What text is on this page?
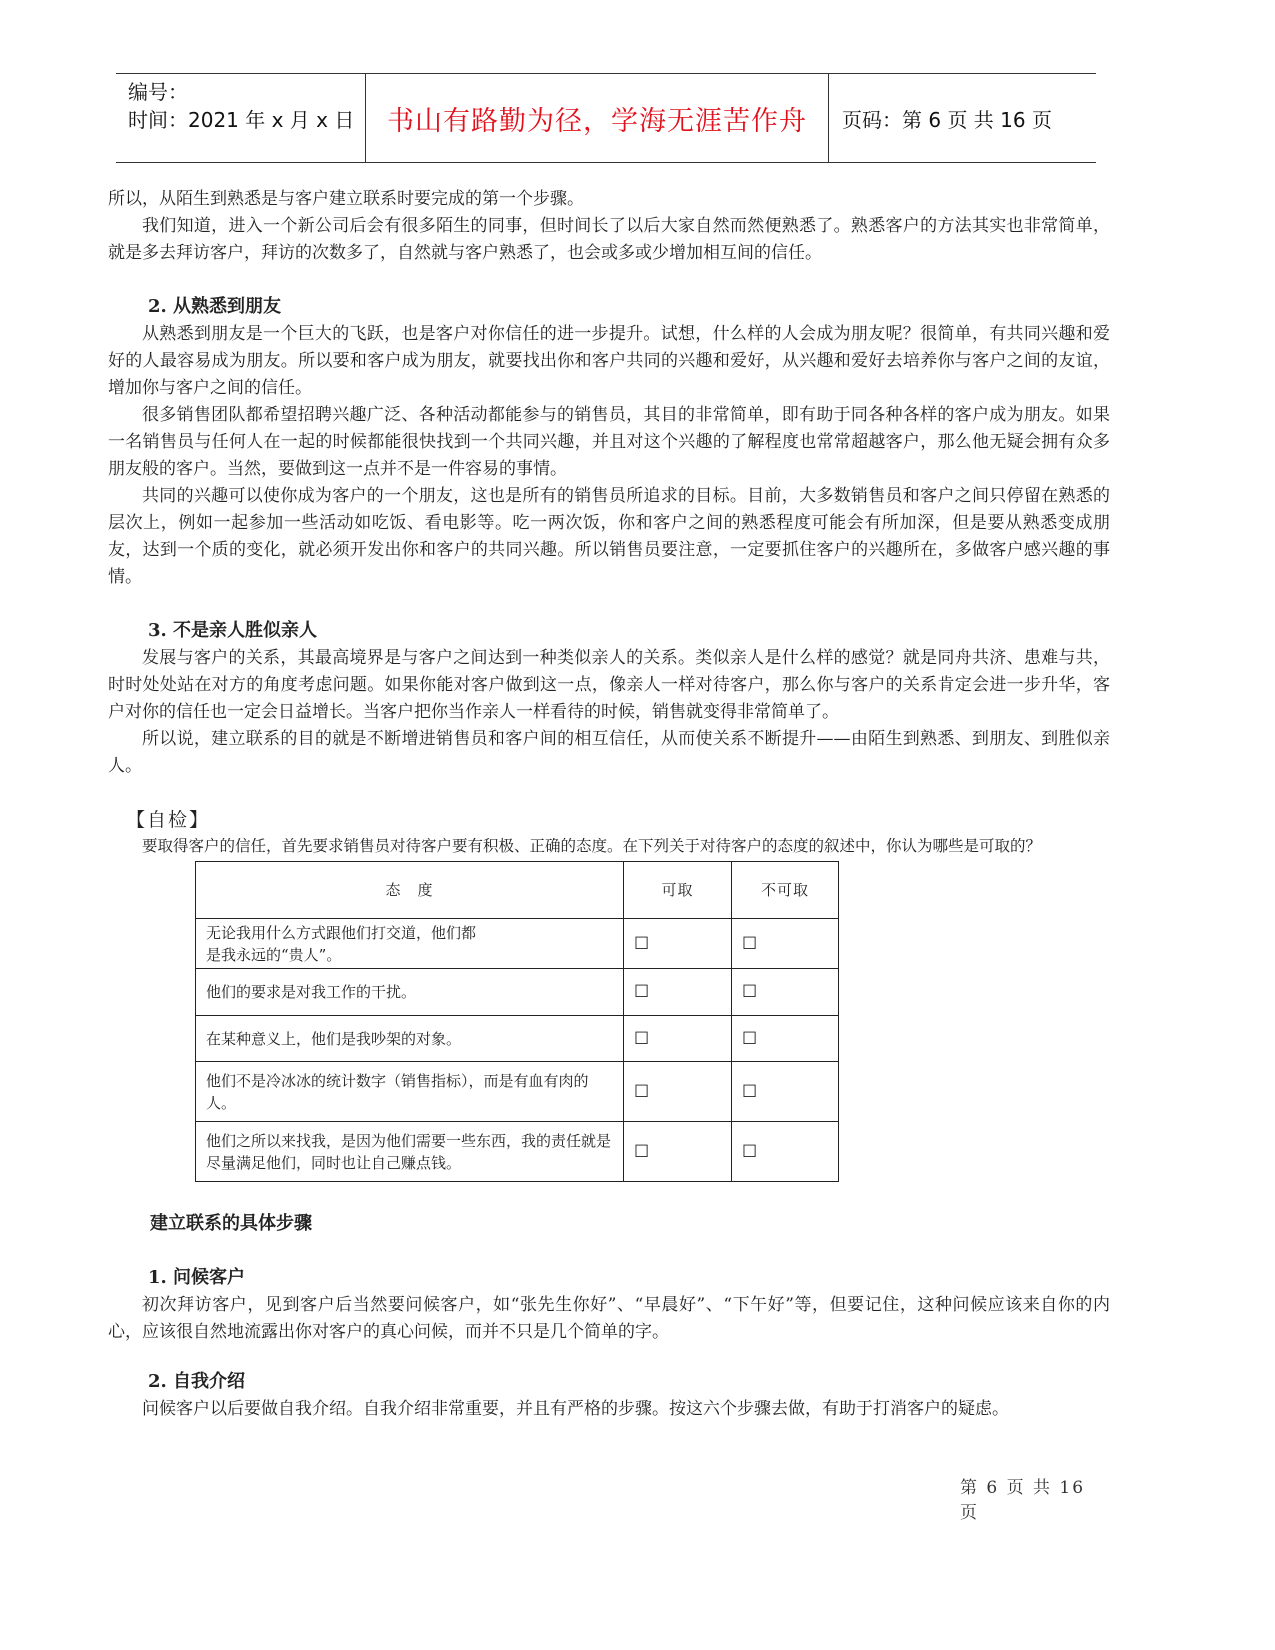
编号：
时间：2021 年 x 月 x 日	书山有路勤为径，学海无涯苦作舟	页码：第 6 页 共 16 页

所以，从陌生到熟悉是与客户建立联系时要完成的第一个步骤。

我们知道，进入一个新公司后会有很多陌生的同事，但时间长了以后大家自然而然便熟悉了。熟悉客户的方法其实也非常简单，就是多去拜访客户，拜访的次数多了，自然就与客户熟悉了，也会或多或少增加相互间的信任。

2. 从熟悉到朋友

从熟悉到朋友是一个巨大的飞跃，也是客户对你信任的进一步提升。试想，什么样的人会成为朋友呢？很简单，有共同兴趣和爱好的人最容易成为朋友。所以要和客户成为朋友，就要找出你和客户共同的兴趣和爱好，从兴趣和爱好去培养你与客户之间的友谊，增加你与客户之间的信任。

很多销售团队都希望招聘兴趣广泛、各种活动都能参与的销售员，其目的非常简单，即有助于同各种各样的客户成为朋友。如果一名销售员与任何人在一起的时候都能很快找到一个共同兴趣，并且对这个兴趣的了解程度也常常超越客户，那么他无疑会拥有众多朋友般的客户。当然，要做到这一点并不是一件容易的事情。

共同的兴趣可以使你成为客户的一个朋友，这也是所有的销售员所追求的目标。目前，大多数销售员和客户之间只停留在熟悉的层次上，例如一起参加一些活动如吃饭、看电影等。吃一两次饭，你和客户之间的熟悉程度可能会有所加深，但是要从熟悉变成朋友，达到一个质的变化，就必须开发出你和客户的共同兴趣。所以销售员要注意，一定要抓住客户的兴趣所在，多做客户感兴趣的事情。

3. 不是亲人胜似亲人

发展与客户的关系，其最高境界是与客户之间达到一种类似亲人的关系。类似亲人是什么样的感觉？就是同舟共济、患难与共，时时处处站在对方的角度考虑问题。如果你能对客户做到这一点，像亲人一样对待客户，那么你与客户的关系肯定会进一步升华，客户对你的信任也一定会日益增长。当客户把你当作亲人一样看待的时候，销售就变得非常简单了。

所以说，建立联系的目的就是不断增进销售员和客户间的相互信任，从而使关系不断提升——由陌生到熟悉、到朋友、到胜似亲人。

【自检】

要取得客户的信任，首先要求销售员对待客户要有积极、正确的态度。在下列关于对待客户的态度的叙述中，你认为哪些是可取的？

态　度	可取	不可取
无论我用什么方式跟他们打交道，他们都
是我永远的“贵人”。	☐	☐
他们的要求是对我工作的干扰。	☐	☐
在某种意义上，他们是我吵架的对象。	☐	☐
他们不是冷冰冰的统计数字（销售指标），而是有血有肉的人。	☐	☐
他们之所以来找我，是因为他们需要一些东西，我的责任就是尽量满足他们，同时也让自己赚点钱。	☐	☐

建立联系的具体步骤

1. 问候客户

初次拜访客户，见到客户后当然要问候客户，如“张先生你好”、“早晨好”、“下午好”等，但要记住，这种问候应该来自你的内心，应该很自然地流露出你对客户的真心问候，而并不只是几个简单的字。

2. 自我介绍

问候客户以后要做自我介绍。自我介绍非常重要，并且有严格的步骤。按这六个步骤去做，有助于打消客户的疑虑。

第 6 页 共 16 页
